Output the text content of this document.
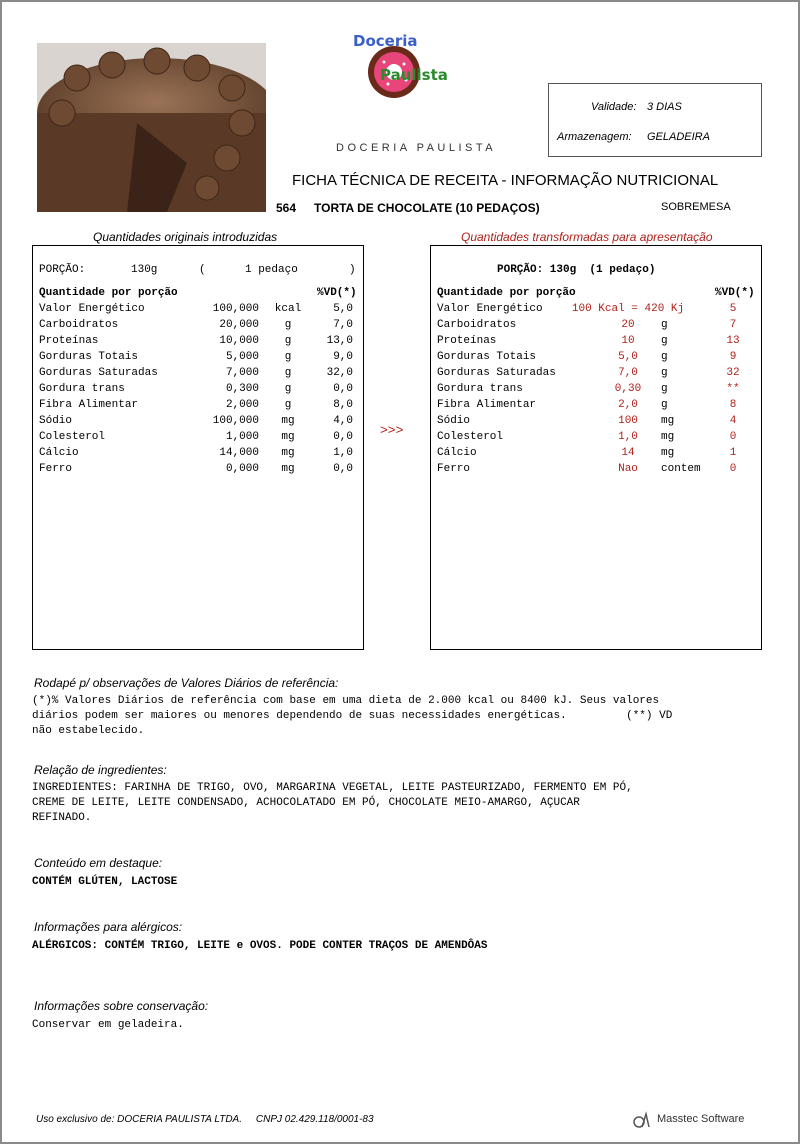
Doceria
Paulista
DOCERIA PAULISTA
Validade: 3 DIAS
Armazenagem: GELADEIRA
FICHA TÉCNICA DE RECEITA - INFORMAÇÃO NUTRICIONAL
564 TORTA DE CHOCOLATE (10 PEDAÇOS)	SOBREMESA
Quantidades originais introduzidas	Quantidades transformadas para apresentação
PORÇÃO:	130g	(	1 pedaço	)
Quantidade por porção	%VD(*)
Valor Energético	100,000	kcal	5,0
Carboidratos	20,000	g	7,0
Proteínas	10,000	g	13,0
Gorduras Totais	5,000	g	9,0
Gorduras Saturadas	7,000	g	32,0
Gordura trans	0,300	g	0,0
Fibra Alimentar	2,000	g	8,0
Sódio	100,000	mg	4,0
Colesterol	1,000	mg	0,0
Cálcio	14,000	mg	1,0
Ferro	0,000	mg	0,0
>>>
PORÇÃO: 130g  (1 pedaço)
Quantidade por porção	%VD(*)
Valor Energético	100 Kcal = 420 Kj	5
Carboidratos	20	g	7
Proteínas	10	g	13
Gorduras Totais	5,0	g	9
Gorduras Saturadas	7,0	g	32
Gordura trans	0,30	g	**
Fibra Alimentar	2,0	g	8
Sódio	100	mg	4
Colesterol	1,0	mg	0
Cálcio	14	mg	1
Ferro	Nao	contem	0
Rodapé p/ observações de Valores Diários de referência:
(*)% Valores Diários de referência com base em uma dieta de 2.000 kcal ou 8400 kJ. Seus valores
diários podem ser maiores ou menores dependendo de suas necessidades energéticas.         (**) VD
não estabelecido.
Relação de ingredientes:
INGREDIENTES: FARINHA DE TRIGO, OVO, MARGARINA VEGETAL, LEITE PASTEURIZADO, FERMENTO EM PÓ,
CREME DE LEITE, LEITE CONDENSADO, ACHOCOLATADO EM PÓ, CHOCOLATE MEIO-AMARGO, AÇUCAR
REFINADO.
Conteúdo em destaque:
CONTÉM GLÚTEN, LACTOSE
Informações para alérgicos:
ALÉRGICOS: CONTÉM TRIGO, LEITE e OVOS. PODE CONTER TRAÇOS DE AMENDÔAS
Informações sobre conservação:
Conservar em geladeira.
Uso exclusivo de: DOCERIA PAULISTA LTDA.     CNPJ 02.429.118/0001-83	Masstec Software
